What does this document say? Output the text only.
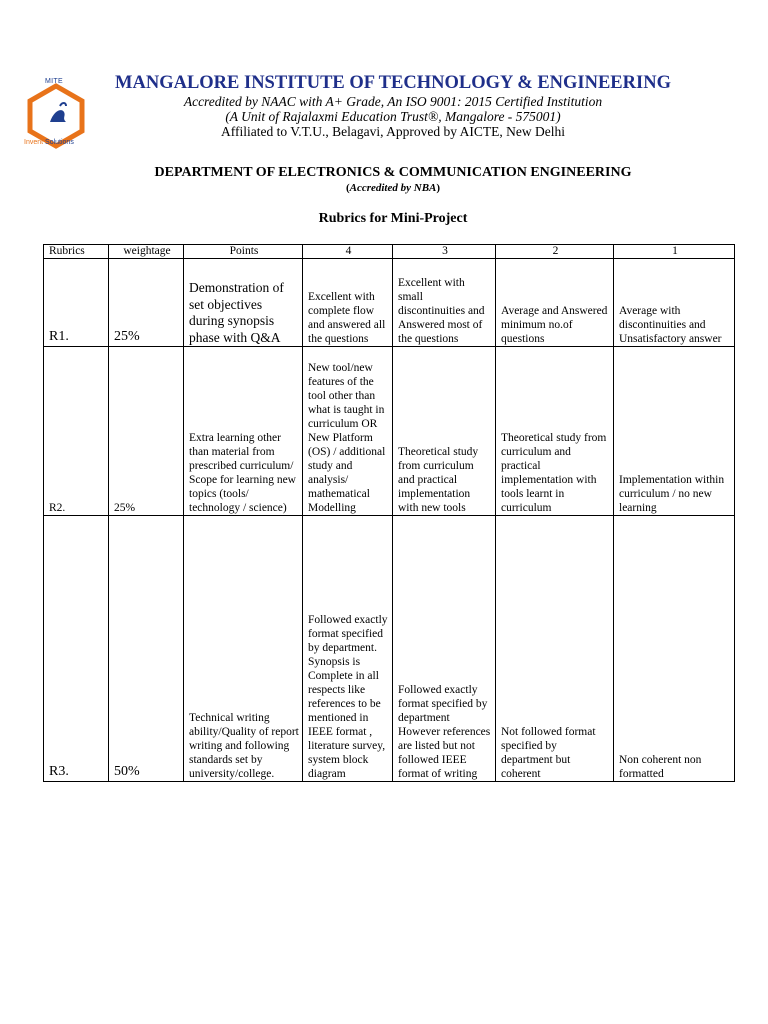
MITE
Invent Solutions
MANGALORE INSTITUTE OF TECHNOLOGY & ENGINEERING
Accredited by NAAC with A+ Grade, An ISO 9001: 2015 Certified Institution
(A Unit of Rajalaxmi Education Trust®, Mangalore - 575001)
Affiliated to V.T.U., Belagavi, Approved by AICTE, New Delhi
DEPARTMENT OF ELECTRONICS & COMMUNICATION ENGINEERING
(Accredited by NBA)
Rubrics for Mini-Project
Rubrics	weightage	Points	4	3	2	1
R1.	25%	Demonstration of set objectives during synopsis phase with Q&A	Excellent with complete flow and answered all the questions	Excellent with small discontinuities and Answered most of the questions	Average and Answered minimum no.of questions	Average with discontinuities and Unsatisfactory answer
R2.	25%	Extra learning other than material from prescribed curriculum/ Scope for learning new topics (tools/ technology / science)	New tool/new features of the tool other than what is taught in curriculum OR New Platform (OS) / additional study and analysis/ mathematical Modelling	Theoretical study from curriculum and practical implementation with new tools	Theoretical study from curriculum and practical implementation with tools learnt in curriculum	Implementation within curriculum / no new learning
R3.	50%	Technical writing ability/Quality of report writing and following standards set by university/college.	Followed exactly format specified by department. Synopsis is Complete in all respects like references to be mentioned in IEEE format , literature survey, system block diagram	Followed exactly format specified by department However references are listed but not followed IEEE format of writing	Not followed format specified by department but coherent	Non coherent non formatted
